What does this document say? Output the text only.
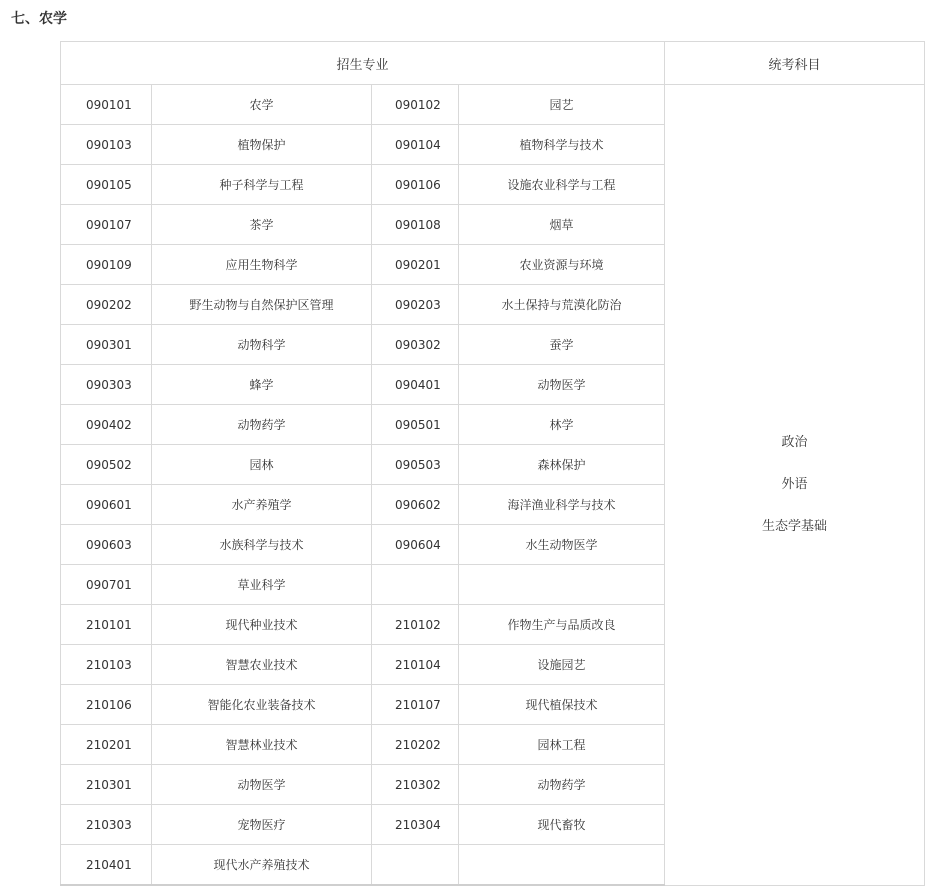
七、农学
招生专业				统考科目
090101	农学	090102	园艺	政治
外语
生态学基础

090103	植物保护	090104	植物科学与技术	
090105	种子科学与工程	090106	设施农业科学与工程	
090107	茶学	090108	烟草	
090109	应用生物科学	090201	农业资源与环境	
090202	野生动物与自然保护区管理	090203	水土保持与荒漠化防治	
090301	动物科学	090302	蚕学	
090303	蜂学	090401	动物医学	
090402	动物药学	090501	林学	
090502	园林	090503	森林保护	
090601	水产养殖学	090602	海洋渔业科学与技术	
090603	水族科学与技术	090604	水生动物医学	
090701	草业科学			
210101	现代种业技术	210102	作物生产与品质改良	
210103	智慧农业技术	210104	设施园艺	
210106	智能化农业装备技术	210107	现代植保技术	
210201	智慧林业技术	210202	园林工程	
210301	动物医学	210302	动物药学	
210303	宠物医疗	210304	现代畜牧	
210401	现代水产养殖技术			
